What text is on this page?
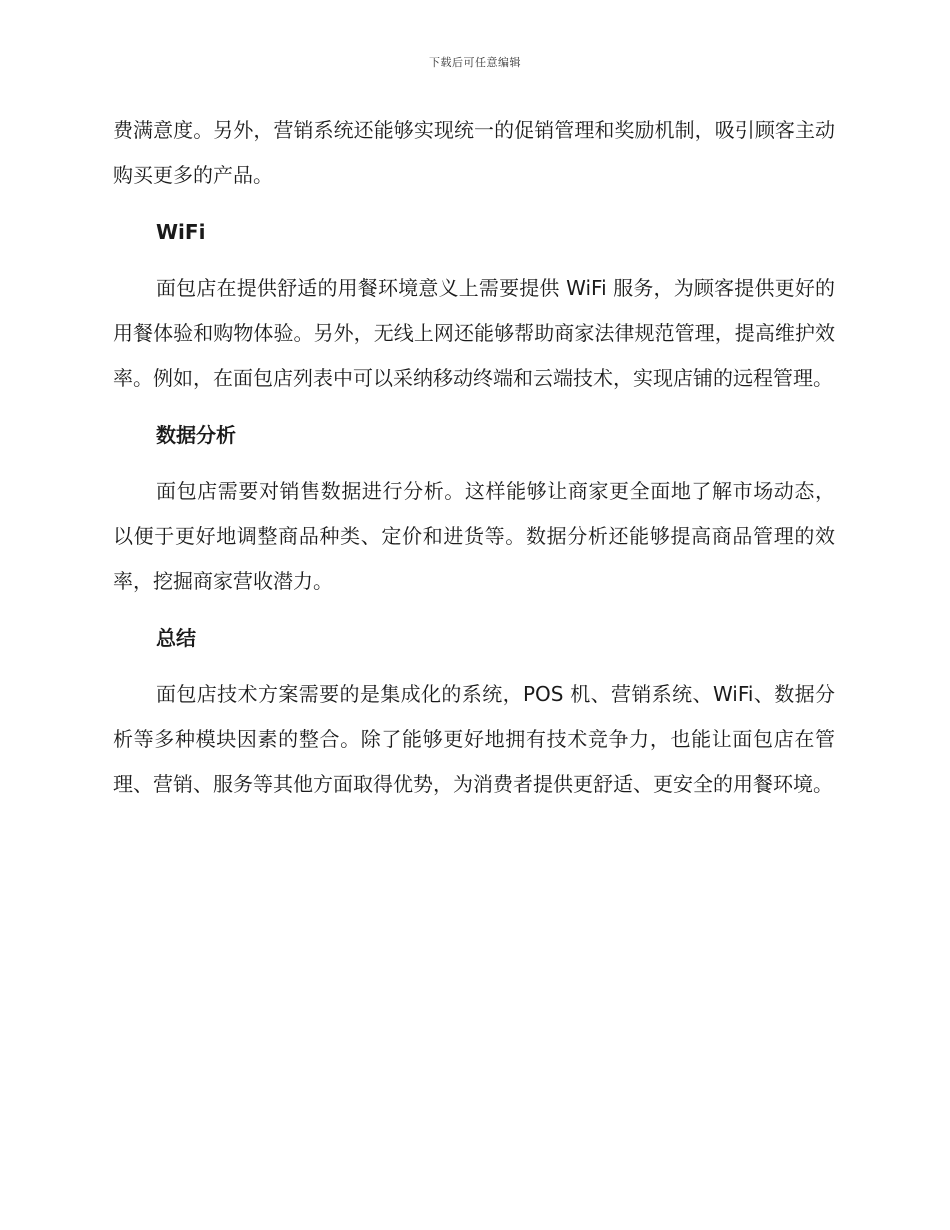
下载后可任意编辑

费满意度。另外，营销系统还能够实现统一的促销管理和奖励机制，吸引顾客主动购买更多的产品。

WiFi

面包店在提供舒适的用餐环境意义上需要提供 WiFi 服务，为顾客提供更好的用餐体验和购物体验。另外，无线上网还能够帮助商家法律规范管理，提高维护效率。例如，在面包店列表中可以采纳移动终端和云端技术，实现店铺的远程管理。

数据分析

面包店需要对销售数据进行分析。这样能够让商家更全面地了解市场动态，以便于更好地调整商品种类、定价和进货等。数据分析还能够提高商品管理的效率，挖掘商家营收潜力。

总结

面包店技术方案需要的是集成化的系统，POS 机、营销系统、WiFi、数据分析等多种模块因素的整合。除了能够更好地拥有技术竞争力，也能让面包店在管理、营销、服务等其他方面取得优势，为消费者提供更舒适、更安全的用餐环境。
